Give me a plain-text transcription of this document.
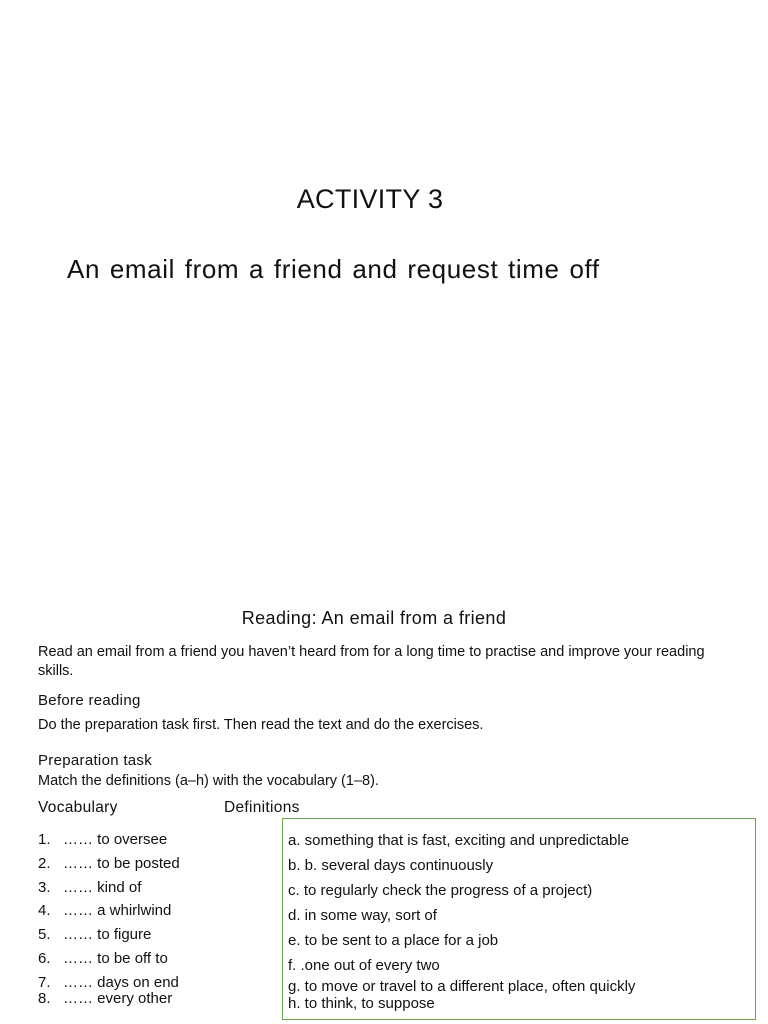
ACTIVITY 3
An email from a friend and request time off
Reading: An email from a friend
Read an email from a friend you haven’t heard from for a long time to practise and improve your reading skills.
Before reading
Do the preparation task first. Then read the text and do the exercises.
Preparation task
Match the definitions (a–h) with the vocabulary (1–8).
Vocabulary	Definitions
1. …… to oversee
2. …… to be posted
3. …… kind of
4. …… a whirlwind
5. …… to figure
6. …… to be off to
7. …… days on end
8. …… every other
a. something that is fast, exciting and unpredictable
b. b. several days continuously
c. to regularly check the progress of a project)
d. in some way, sort of
e. to be sent to a place for a job
f. .one out of every two
g. to move or travel to a different place, often quickly
h. to think, to suppose
